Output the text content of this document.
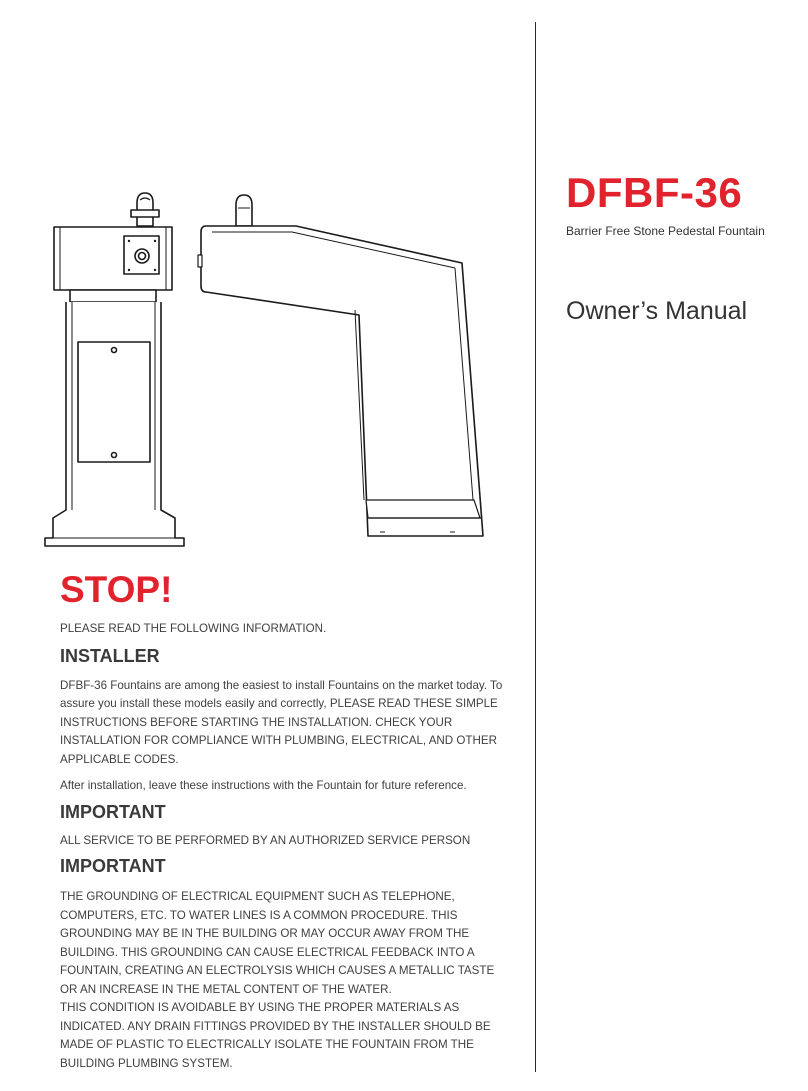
DFBF-36
Barrier Free Stone Pedestal Fountain
Owner’s Manual
STOP!

PLEASE READ THE FOLLOWING INFORMATION.

INSTALLER

DFBF-36 Fountains are among the easiest to install Fountains on the market today. To assure you install these models easily and correctly, PLEASE READ THESE SIMPLE INSTRUCTIONS BEFORE STARTING THE INSTALLATION. CHECK YOUR INSTALLATION FOR COMPLIANCE WITH PLUMBING, ELECTRICAL, AND OTHER APPLICABLE CODES.

After installation, leave these instructions with the Fountain for future reference.

IMPORTANT

ALL SERVICE TO BE PERFORMED BY AN AUTHORIZED SERVICE PERSON

IMPORTANT

THE GROUNDING OF ELECTRICAL EQUIPMENT SUCH AS TELEPHONE, COMPUTERS, ETC. TO WATER LINES IS A COMMON PROCEDURE. THIS GROUNDING MAY BE IN THE BUILDING OR MAY OCCUR AWAY FROM THE BUILDING. THIS GROUNDING CAN CAUSE ELECTRICAL FEEDBACK INTO A FOUNTAIN, CREATING AN ELECTROLYSIS WHICH CAUSES A METALLIC TASTE OR AN INCREASE IN THE METAL CONTENT OF THE WATER.

THIS CONDITION IS AVOIDABLE BY USING THE PROPER MATERIALS AS INDICATED. ANY DRAIN FITTINGS PROVIDED BY THE INSTALLER SHOULD BE MADE OF PLASTIC TO ELECTRICALLY ISOLATE THE FOUNTAIN FROM THE BUILDING PLUMBING SYSTEM.
